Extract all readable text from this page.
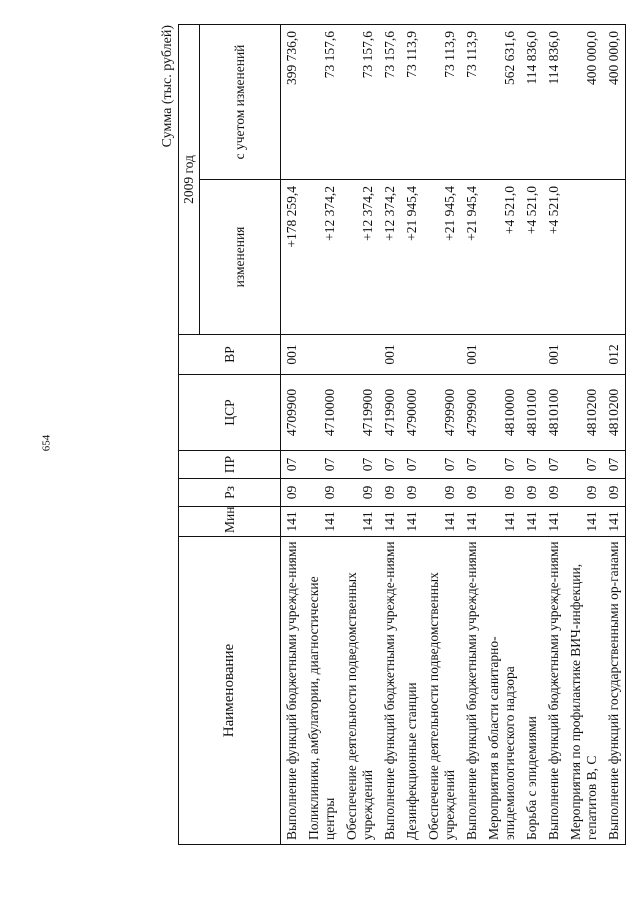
654
Сумма (тыс. рублей)
Наименование	Мин	Рз	ПР	ЦСР	ВР	2009 год	
						изменения	с учетом изменений
Выполнение функций бюджетными учрежде-ниями	141	09	07	4709900	001	+178 259,4	399 736,0
Поликлиники, амбулатории, диагностические центры	141	09	07	4710000		+12 374,2	73 157,6
Обеспечение деятельности подведомственных учреждений	141	09	07	4719900		+12 374,2	73 157,6
Выполнение функций бюджетными учрежде-ниями	141	09	07	4719900	001	+12 374,2	73 157,6
Дезинфекционные станции	141	09	07	4790000		+21 945,4	73 113,9
Обеспечение деятельности подведомственных учреждений	141	09	07	4799900		+21 945,4	73 113,9
Выполнение функций бюджетными учрежде-ниями	141	09	07	4799900	001	+21 945,4	73 113,9
Мероприятия в области санитарно-эпидемиологического надзора	141	09	07	4810000		+4 521,0	562 631,6
Борьба с эпидемиями	141	09	07	4810100		+4 521,0	114 836,0
Выполнение функций бюджетными учрежде-ниями	141	09	07	4810100	001	+4 521,0	114 836,0
Мероприятия по профилактике ВИЧ-инфекции, гепатитов В, С	141	09	07	4810200			400 000,0
Выполнение функций государственными ор-ганами	141	09	07	4810200	012		400 000,0
